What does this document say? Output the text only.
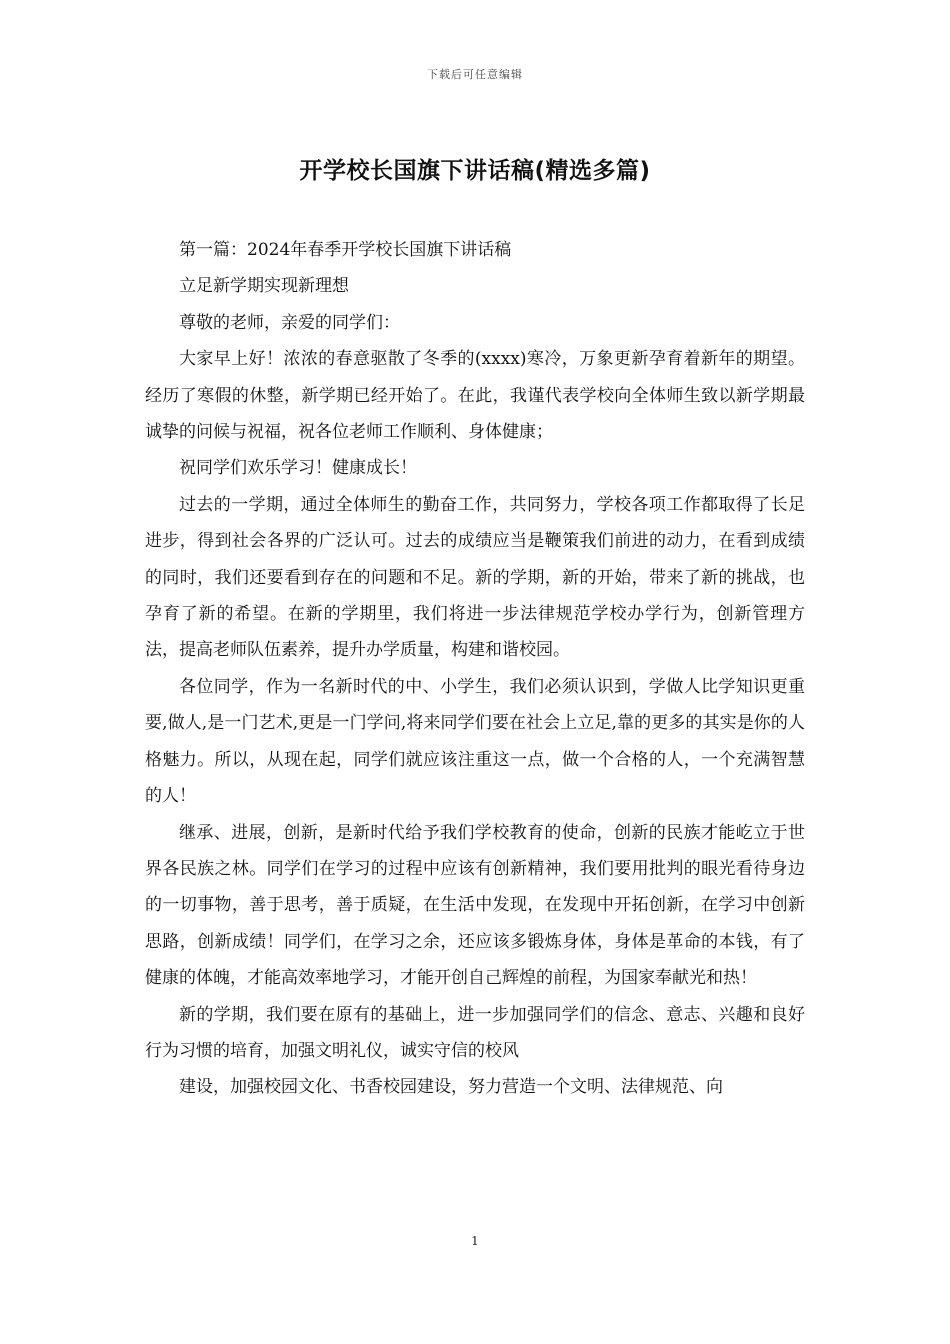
下载后可任意编辑
开学校长国旗下讲话稿(精选多篇)

第一篇：2024年春季开学校长国旗下讲话稿

立足新学期实现新理想

尊敬的老师，亲爱的同学们：

大家早上好！浓浓的春意驱散了冬季的(xxxx)寒冷，万象更新孕育着新年的期望。经历了寒假的休整，新学期已经开始了。在此，我谨代表学校向全体师生致以新学期最诚挚的问候与祝福，祝各位老师工作顺利、身体健康；

祝同学们欢乐学习！健康成长！

过去的一学期，通过全体师生的勤奋工作，共同努力，学校各项工作都取得了长足进步，得到社会各界的广泛认可。过去的成绩应当是鞭策我们前进的动力，在看到成绩的同时，我们还要看到存在的问题和不足。新的学期，新的开始，带来了新的挑战，也孕育了新的希望。在新的学期里，我们将进一步法律规范学校办学行为，创新管理方法，提高老师队伍素养，提升办学质量，构建和谐校园。

各位同学，作为一名新时代的中、小学生，我们必须认识到，学做人比学知识更重要,做人,是一门艺术,更是一门学问,将来同学们要在社会上立足,靠的更多的其实是你的人格魅力。所以，从现在起，同学们就应该注重这一点，做一个合格的人，一个充满智慧的人！

继承、进展，创新，是新时代给予我们学校教育的使命，创新的民族才能屹立于世界各民族之林。同学们在学习的过程中应该有创新精神，我们要用批判的眼光看待身边的一切事物，善于思考，善于质疑，在生活中发现，在发现中开拓创新，在学习中创新思路，创新成绩！同学们，在学习之余，还应该多锻炼身体，身体是革命的本钱，有了健康的体魄，才能高效率地学习，才能开创自己辉煌的前程，为国家奉献光和热！

新的学期，我们要在原有的基础上，进一步加强同学们的信念、意志、兴趣和良好行为习惯的培育，加强文明礼仪，诚实守信的校风

建设，加强校园文化、书香校园建设，努力营造一个文明、法律规范、向

1
